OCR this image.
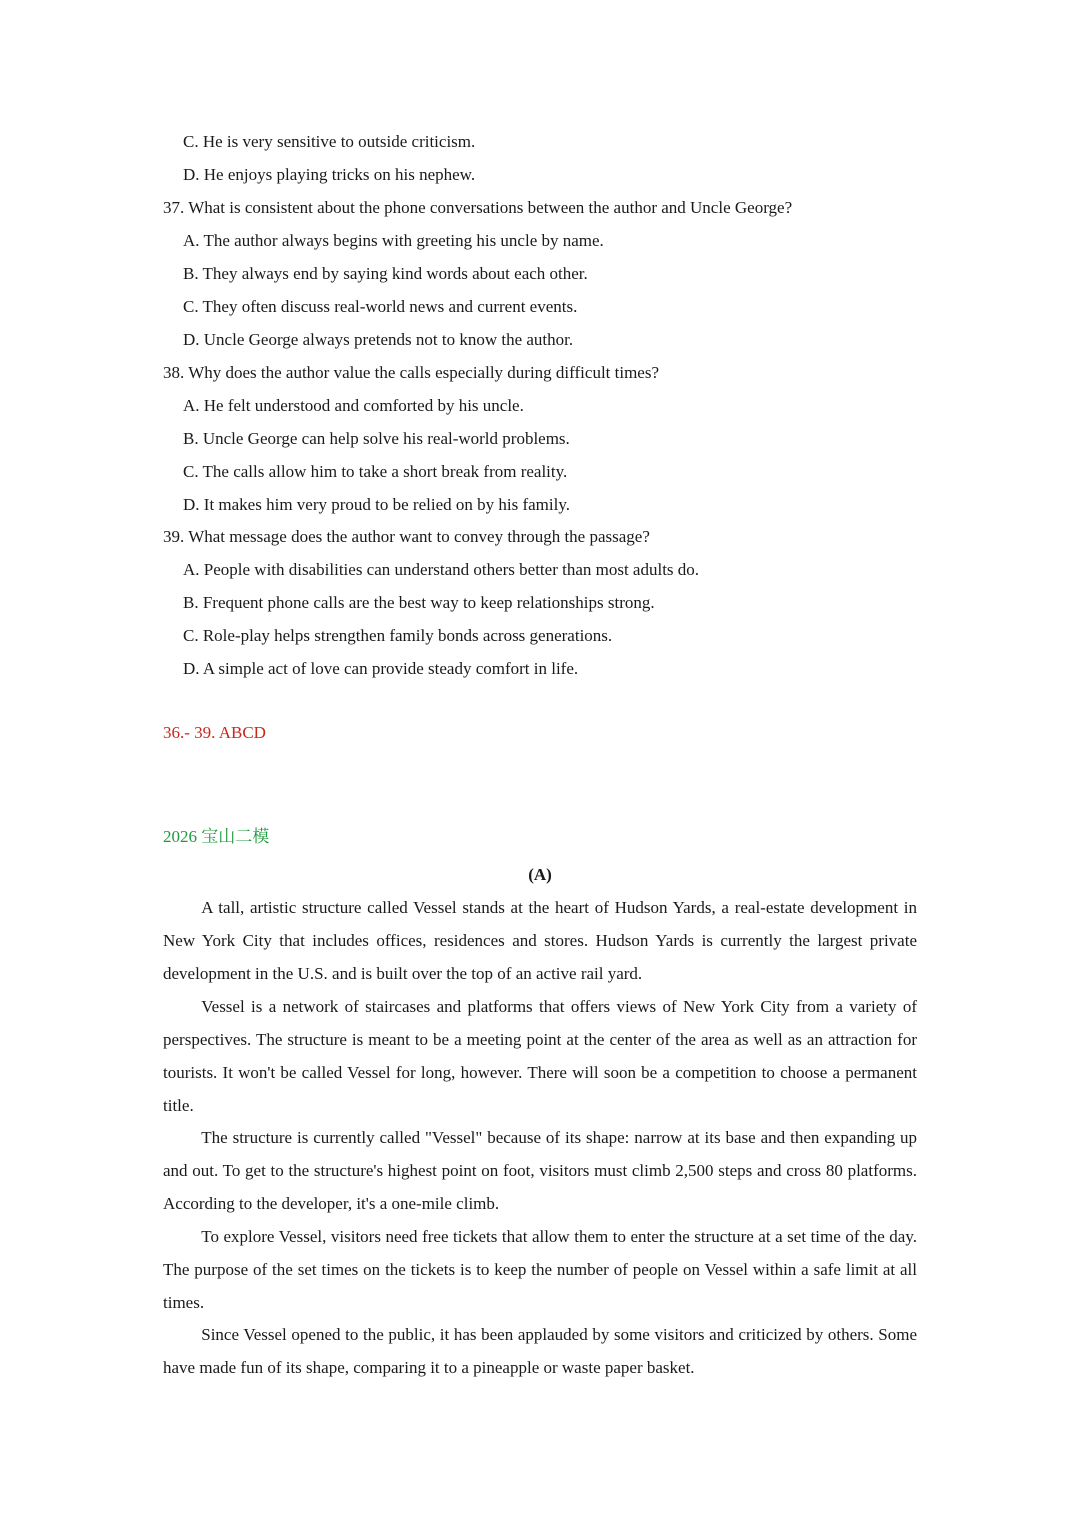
C. He is very sensitive to outside criticism.
D. He enjoys playing tricks on his nephew.
37. What is consistent about the phone conversations between the author and Uncle George?
A. The author always begins with greeting his uncle by name.
B. They always end by saying kind words about each other.
C. They often discuss real-world news and current events.
D. Uncle George always pretends not to know the author.
38. Why does the author value the calls especially during difficult times?
A. He felt understood and comforted by his uncle.
B. Uncle George can help solve his real-world problems.
C. The calls allow him to take a short break from reality.
D. It makes him very proud to be relied on by his family.
39. What message does the author want to convey through the passage?
A. People with disabilities can understand others better than most adults do.
B. Frequent phone calls are the best way to keep relationships strong.
C. Role-play helps strengthen family bonds across generations.
D. A simple act of love can provide steady comfort in life.
36.- 39. ABCD
2026 宝山二模
(A)

A tall, artistic structure called Vessel stands at the heart of Hudson Yards, a real-estate development in New York City that includes offices, residences and stores. Hudson Yards is currently the largest private development in the U.S. and is built over the top of an active rail yard.

Vessel is a network of staircases and platforms that offers views of New York City from a variety of perspectives. The structure is meant to be a meeting point at the center of the area as well as an attraction for tourists. It won't be called Vessel for long, however. There will soon be a competition to choose a permanent title.

The structure is currently called "Vessel" because of its shape: narrow at its base and then expanding up and out. To get to the structure's highest point on foot, visitors must climb 2,500 steps and cross 80 platforms. According to the developer, it's a one-mile climb.

To explore Vessel, visitors need free tickets that allow them to enter the structure at a set time of the day. The purpose of the set times on the tickets is to keep the number of people on Vessel within a safe limit at all times.

Since Vessel opened to the public, it has been applauded by some visitors and criticized by others. Some have made fun of its shape, comparing it to a pineapple or waste paper basket.
